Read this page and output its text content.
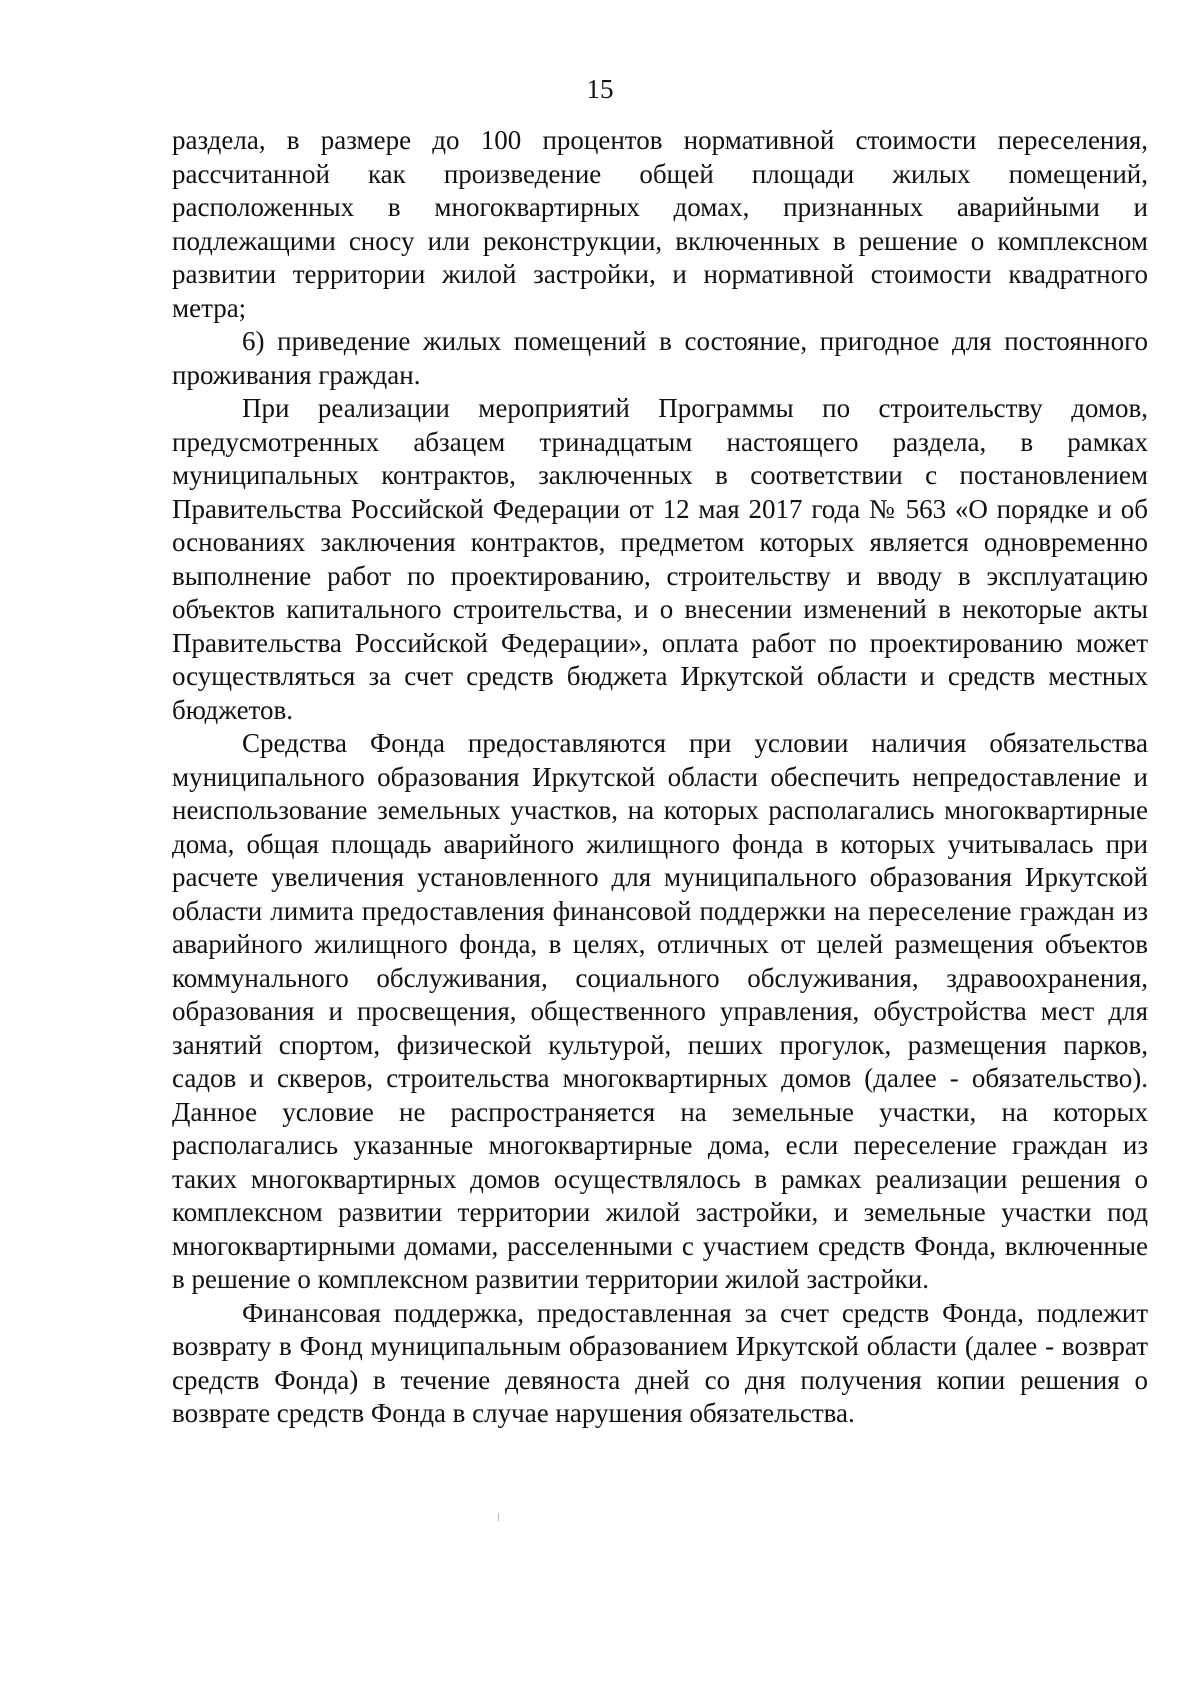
15

раздела, в размере до 100 процентов нормативной стоимости переселения, рассчитанной как произведение общей площади жилых помещений, расположенных в многоквартирных домах, признанных аварийными и подлежащими сносу или реконструкции, включенных в решение о комплексном развитии территории жилой застройки, и нормативной стоимости квадратного метра;

6) приведение жилых помещений в состояние, пригодное для постоянного проживания граждан.

При реализации мероприятий Программы по строительству домов, предусмотренных абзацем тринадцатым настоящего раздела, в рамках муниципальных контрактов, заключенных в соответствии с постановлением Правительства Российской Федерации от 12 мая 2017 года № 563 «О порядке и об основаниях заключения контрактов, предметом которых является одновременно выполнение работ по проектированию, строительству и вводу в эксплуатацию объектов капитального строительства, и о внесении изменений в некоторые акты Правительства Российской Федерации», оплата работ по проектированию может осуществляться за счет средств бюджета Иркутской области и средств местных бюджетов.

Средства Фонда предоставляются при условии наличия обязательства муниципального образования Иркутской области обеспечить непредоставление и неиспользование земельных участков, на которых располагались многоквартирные дома, общая площадь аварийного жилищного фонда в которых учитывалась при расчете увеличения установленного для муниципального образования Иркутской области лимита предоставления финансовой поддержки на переселение граждан из аварийного жилищного фонда, в целях, отличных от целей размещения объектов коммунального обслуживания, социального обслуживания, здравоохранения, образования и просвещения, общественного управления, обустройства мест для занятий спортом, физической культурой, пеших прогулок, размещения парков, садов и скверов, строительства многоквартирных домов (далее - обязательство). Данное условие не распространяется на земельные участки, на которых располагались указанные многоквартирные дома, если переселение граждан из таких многоквартирных домов осуществлялось в рамках реализации решения о комплексном развитии территории жилой застройки, и земельные участки под многоквартирными домами, расселенными с участием средств Фонда, включенные в решение о комплексном развитии территории жилой застройки.

Финансовая поддержка, предоставленная за счет средств Фонда, подлежит возврату в Фонд муниципальным образованием Иркутской области (далее - возврат средств Фонда) в течение девяноста дней со дня получения копии решения о возврате средств Фонда в случае нарушения обязательства.
